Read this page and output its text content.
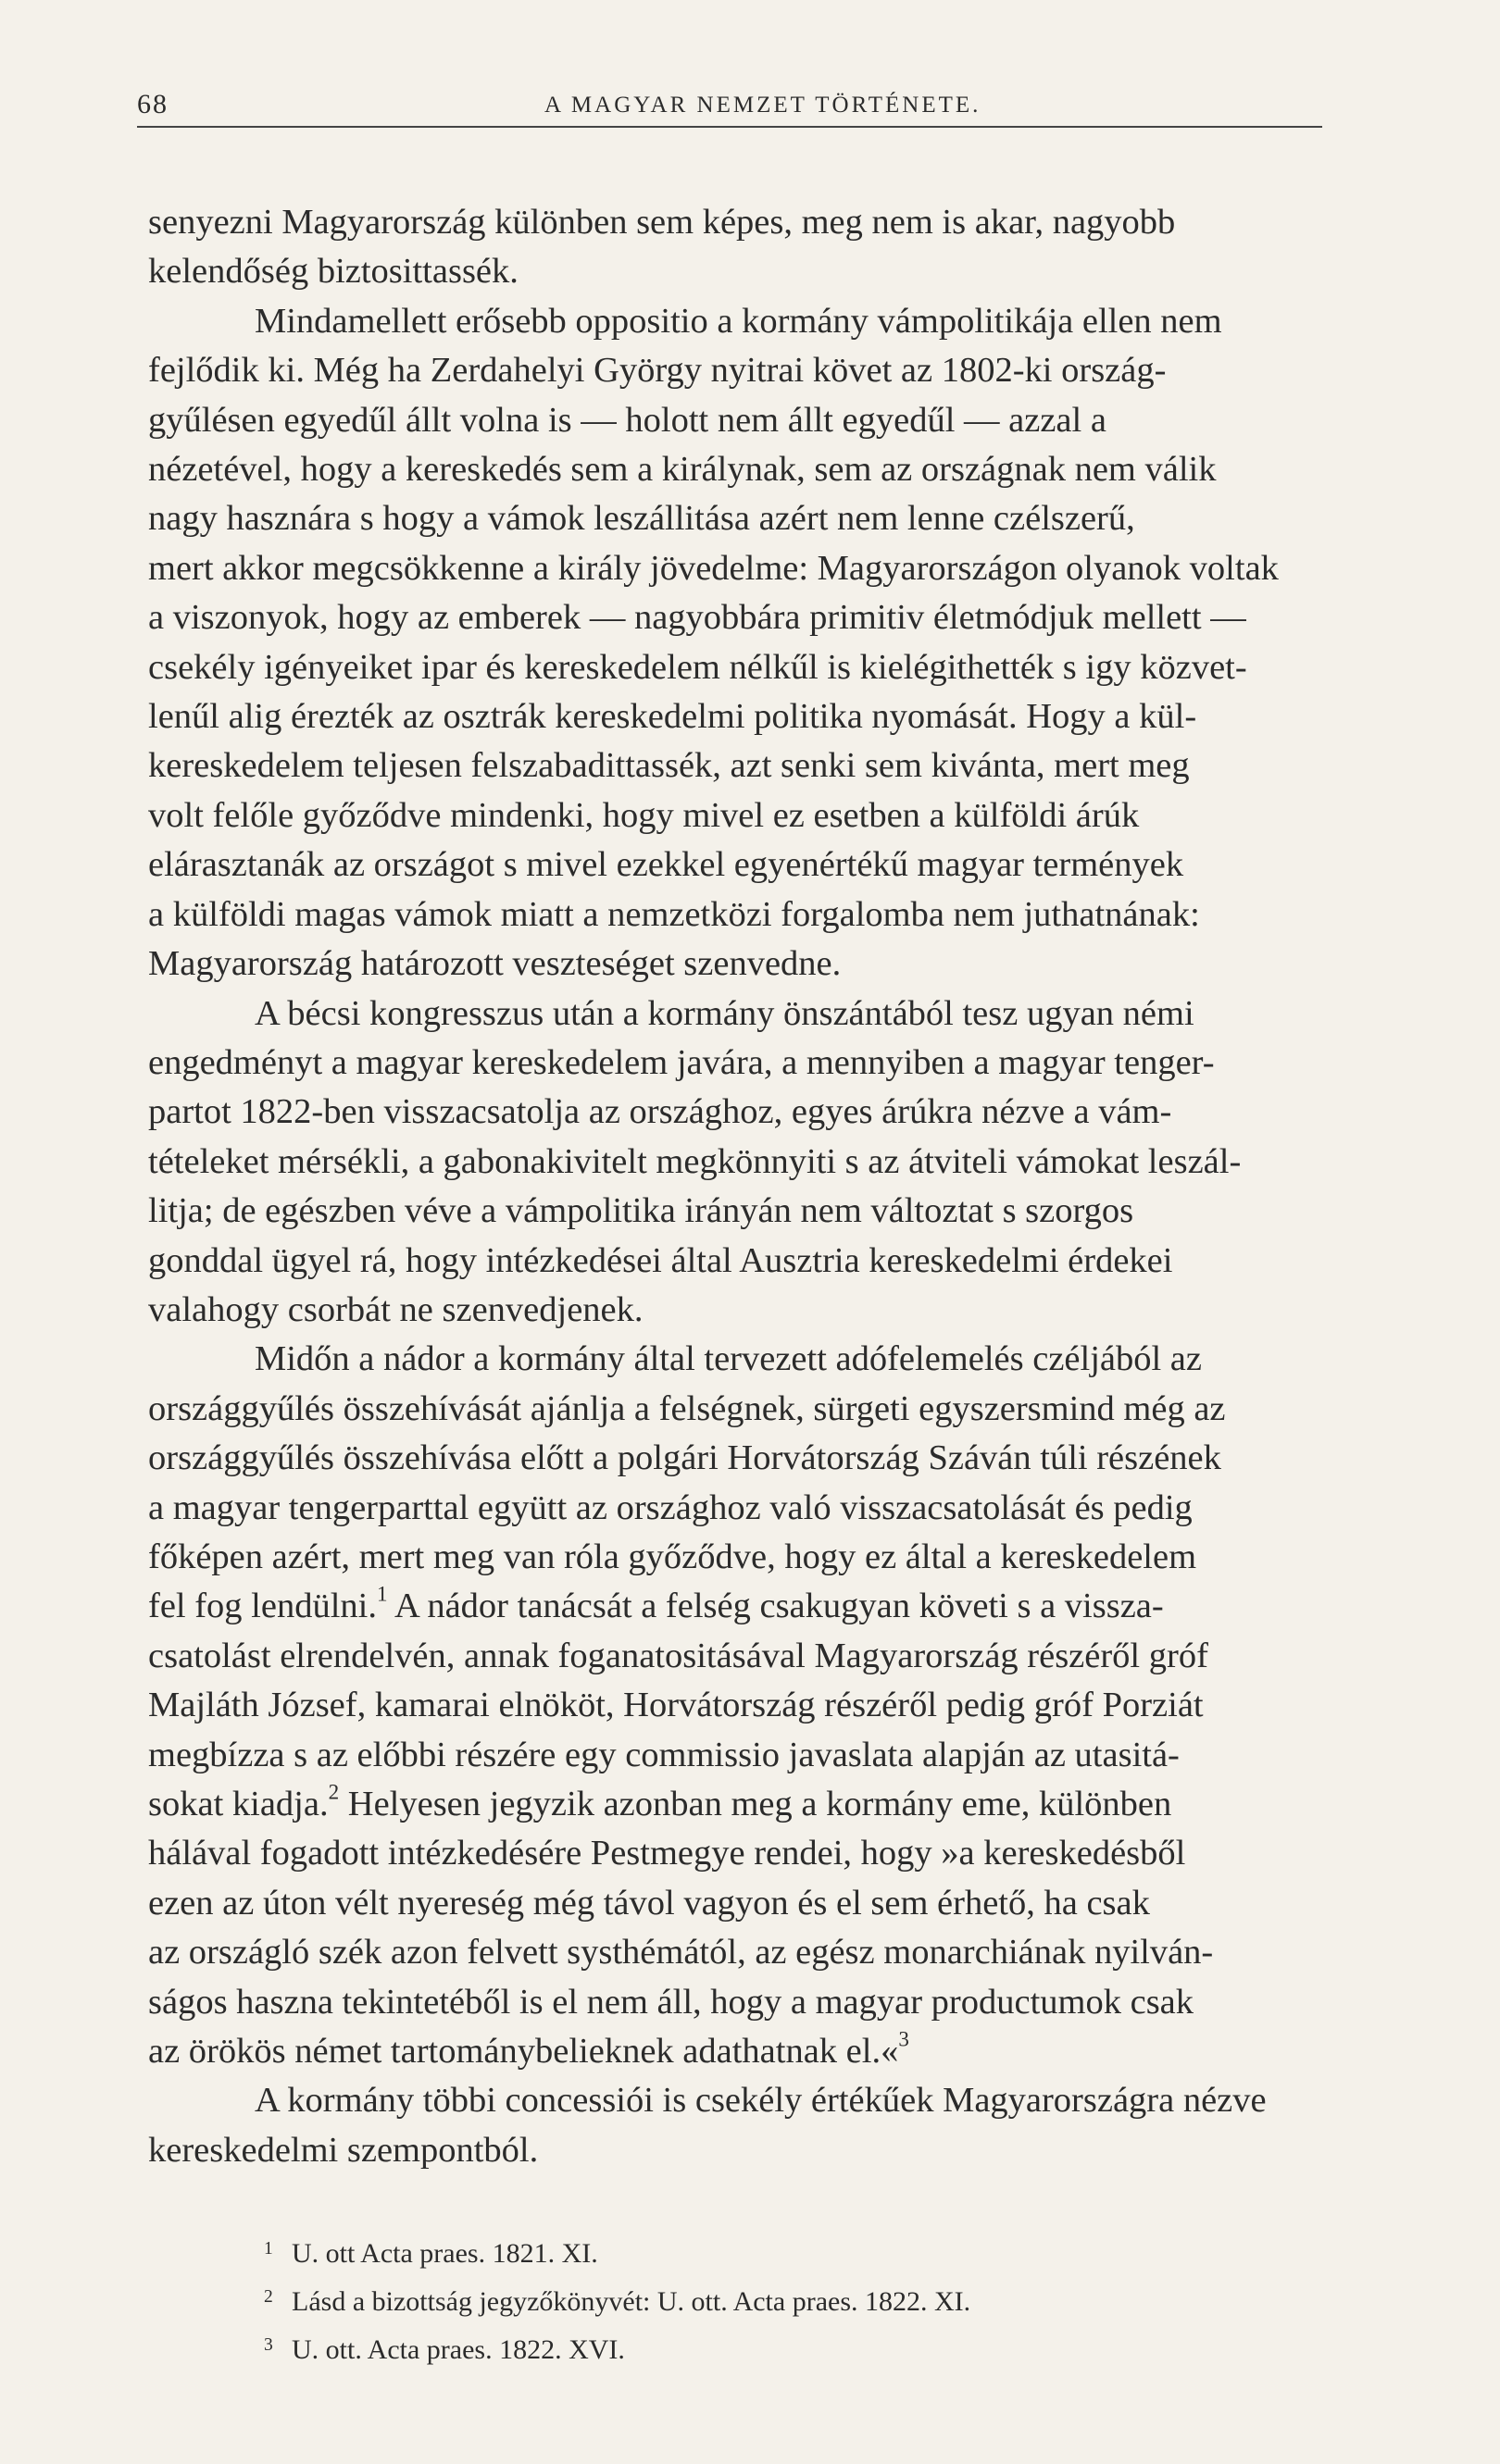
68	A MAGYAR NEMZET TÖRTÉNETE.
senyezni Magyarország különben sem képes, meg nem is akar, nagyobb
kelendőség biztosittassék.
Mindamellett erősebb oppositio a kormány vámpolitikája ellen nem
fejlődik ki. Még ha Zerdahelyi György nyitrai követ az 1802-ki ország-
gyűlésen egyedűl állt volna is — holott nem állt egyedűl — azzal a
nézetével, hogy a kereskedés sem a királynak, sem az országnak nem válik
nagy hasznára s hogy a vámok leszállitása azért nem lenne czélszerű,
mert akkor megcsökkenne a király jövedelme: Magyarországon olyanok voltak
a viszonyok, hogy az emberek — nagyobbára primitiv életmódjuk mellett —
csekély igényeiket ipar és kereskedelem nélkűl is kielégithették s igy közvet-
lenűl alig érezték az osztrák kereskedelmi politika nyomását. Hogy a kül-
kereskedelem teljesen felszabadittassék, azt senki sem kivánta, mert meg
volt felőle győződve mindenki, hogy mivel ez esetben a külföldi árúk
elárasztanák az országot s mivel ezekkel egyenértékű magyar termények
a külföldi magas vámok miatt a nemzetközi forgalomba nem juthatnának:
Magyarország határozott veszteséget szenvedne.
A bécsi kongresszus után a kormány önszántából tesz ugyan némi
engedményt a magyar kereskedelem javára, a mennyiben a magyar tenger-
partot 1822-ben visszacsatolja az országhoz, egyes árúkra nézve a vám-
tételeket mérsékli, a gabonakivitelt megkönnyiti s az átviteli vámokat leszál-
litja; de egészben véve a vámpolitika irányán nem változtat s szorgos
gonddal ügyel rá, hogy intézkedései által Ausztria kereskedelmi érdekei
valahogy csorbát ne szenvedjenek.
Midőn a nádor a kormány által tervezett adófelemelés czéljából az
országgyűlés összehívását ajánlja a felségnek, sürgeti egyszersmind még az
országgyűlés összehívása előtt a polgári Horvátország Száván túli részének
a magyar tengerparttal együtt az országhoz való visszacsatolását és pedig
főképen azért, mert meg van róla győződve, hogy ez által a kereskedelem
fel fog lendülni.$^1$ A nádor tanácsát a felség csakugyan követi s a vissza-
csatolást elrendelvén, annak foganatositásával Magyarország részéről gróf
Majláth József, kamarai elnököt, Horvátország részéről pedig gróf Porziát
megbízza s az előbbi részére egy commissio javaslata alapján az utasitá-
sokat kiadja.$^2$ Helyesen jegyzik azonban meg a kormány eme, különben
hálával fogadott intézkedésére Pestmegye rendei, hogy »a kereskedésből
ezen az úton vélt nyereség még távol vagyon és el sem érhető, ha csak
az országló szék azon felvett systhémától, az egész monarchiának nyilván-
ságos haszna tekintetéből is el nem áll, hogy a magyar productumok csak
az örökös német tartománybelieknek adathatnak el.«$^3$
A kormány többi concessiói is csekély értékűek Magyarországra nézve
kereskedelmi szempontból.
1 U. ott Acta praes. 1821. XI.
2 Lásd a bizottság jegyzőkönyvét: U. ott. Acta praes. 1822. XI.
3 U. ott. Acta praes. 1822. XVI.
